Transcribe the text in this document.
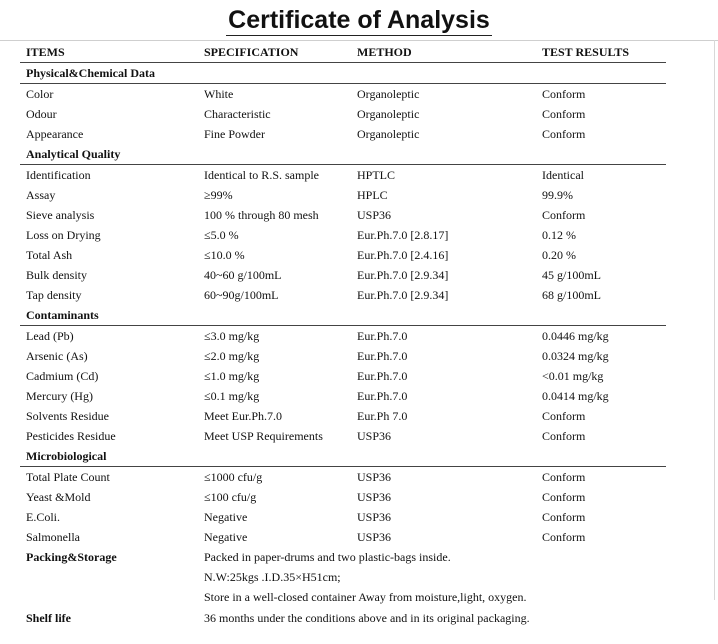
Certificate of Analysis
ITEMS	SPECIFICATION	METHOD	TEST RESULTS
Physical&Chemical Data			
Color	White	Organoleptic	Conform
Odour	Characteristic	Organoleptic	Conform
Appearance	Fine Powder	Organoleptic	Conform
Analytical Quality			
Identification	Identical to R.S. sample	HPTLC	Identical
Assay	≥99%	HPLC	99.9%
Sieve analysis	100 % through 80 mesh	USP36	Conform
Loss on Drying	≤5.0 %	Eur.Ph.7.0 [2.8.17]	0.12 %
Total Ash	≤10.0 %	Eur.Ph.7.0 [2.4.16]	0.20 %
Bulk density	40~60 g/100mL	Eur.Ph.7.0 [2.9.34]	45 g/100mL
Tap density	60~90g/100mL	Eur.Ph.7.0 [2.9.34]	68 g/100mL
Contaminants			
Lead (Pb)	≤3.0 mg/kg	Eur.Ph.7.0	0.0446 mg/kg
Arsenic (As)	≤2.0 mg/kg	Eur.Ph.7.0	0.0324 mg/kg
Cadmium (Cd)	≤1.0 mg/kg	Eur.Ph.7.0	<0.01 mg/kg
Mercury (Hg)	≤0.1 mg/kg	Eur.Ph.7.0	0.0414 mg/kg
Solvents Residue	Meet Eur.Ph.7.0	Eur.Ph 7.0	Conform
Pesticides Residue	Meet USP Requirements	USP36	Conform
Microbiological			
Total Plate Count	≤1000 cfu/g	USP36	Conform
Yeast &Mold	≤100 cfu/g	USP36	Conform
E.Coli.	Negative	USP36	Conform
Salmonella	Negative	USP36	Conform
Packing&Storage	Packed in paper-drums and two plastic-bags inside.
N.W:25kgs .I.D.35×H51cm;
Store in a well-closed container Away from moisture,light, oxygen.		

Shelf life	36 months under the conditions above and in its original packaging.		
